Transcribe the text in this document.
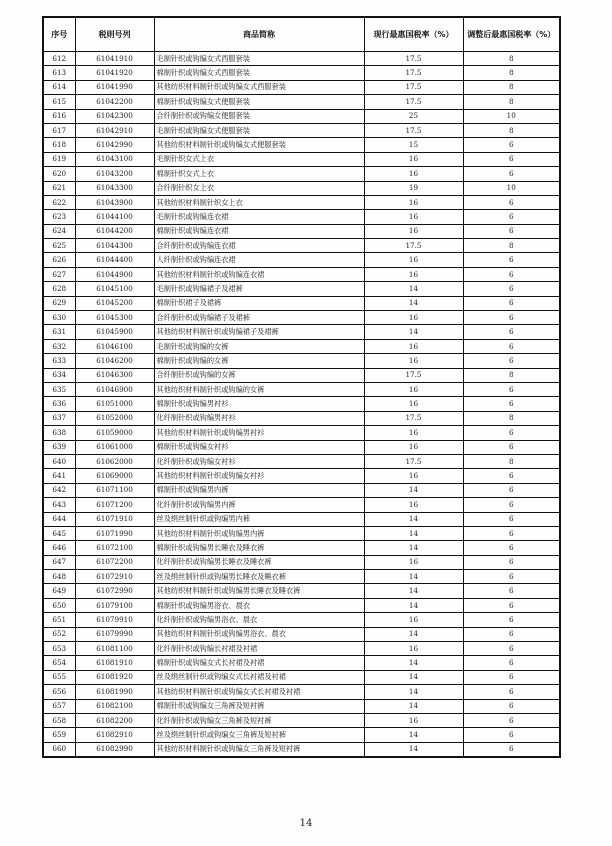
序号	税则号列	商品简称	现行最惠国税率（%）	调整后最惠国税率（%）
612	61041910	毛制针织或钩编女式西服套装	17.5	8
613	61041920	棉制针织或钩编女式西服套装	17.5	8
614	61041990	其他纺织材料制针织或钩编女式西服套装	17.5	8
615	61042200	棉制针织或钩编女式便服套装	17.5	8
616	61042300	合纤制针织或钩编女便服套装	25	10
617	61042910	毛制针织或钩编女式便服套装	17.5	8
618	61042990	其他纺织材料制针织或钩编女式便服套装	15	6
619	61043100	毛制针织女式上衣	16	6
620	61043200	棉制针织女式上衣	16	6
621	61043300	合纤制针织女上衣	19	10
622	61043900	其他纺织材料制针织女上衣	16	6
623	61044100	毛制针织或钩编连衣裙	16	6
624	61044200	棉制针织或钩编连衣裙	16	6
625	61044300	合纤制针织或钩编连衣裙	17.5	8
626	61044400	人纤制针织或钩编连衣裙	16	6
627	61044900	其他纺织材料制针织或钩编连衣裙	16	6
628	61045100	毛制针织或钩编裙子及裙裤	14	6
629	61045200	棉制针织裙子及裙裤	14	6
630	61045300	合纤制针织或钩编裙子及裙裤	16	6
631	61045900	其他纺织材料制针织或钩编裙子及裙裤	14	6
632	61046100	毛制针织或钩编的女裤	16	6
633	61046200	棉制针织或钩编的女裤	16	6
634	61046300	合纤制针织或钩编的女裤	17.5	8
635	61046900	其他纺织材料制针织或钩编的女裤	16	6
636	61051000	棉制针织或钩编男衬衫	16	6
637	61052000	化纤制针织或钩编男衬衫	17.5	8
638	61059000	其他纺织材料制针织或钩编男衬衫	16	6
639	61061000	棉制针织或钩编女衬衫	16	6
640	61062000	化纤制针织或钩编女衬衫	17.5	8
641	61069000	其他纺织材料制针织或钩编女衬衫	16	6
642	61071100	棉制针织或钩编男内裤	14	6
643	61071200	化纤制针织或钩编男内裤	16	6
644	61071910	丝及绢丝制针织或钩编男内裤	14	6
645	61071990	其他纺织材料制针织或钩编男内裤	14	6
646	61072100	棉制针织或钩编男长睡衣及睡衣裤	14	6
647	61072200	化纤制针织或钩编男长睡衣及睡衣裤	16	6
648	61072910	丝及绢丝制针织或钩编男长睡衣及睡衣裤	14	6
649	61072990	其他纺织材料制针织或钩编男长睡衣及睡衣裤	14	6
650	61079100	棉制针织或钩编男浴衣、晨衣	14	6
651	61079910	化纤制针织或钩编男浴衣、晨衣	16	6
652	61079990	其他纺织材料制针织或钩编男浴衣、晨衣	14	6
653	61081100	化纤制针织或钩编长衬裙及衬裙	16	6
654	61081910	棉制针织或钩编女式长衬裙及衬裙	14	6
655	61081920	丝及绢丝制针织或钩编女式长衬裙及衬裙	14	6
656	61081990	其他纺织材料制针织或钩编女式长衬裙及衬裙	14	6
657	61082100	棉制针织或钩编女三角裤及短衬裤	14	6
658	61082200	化纤制针织或钩编女三角裤及短衬裤	16	6
659	61082910	丝及绢丝制针织或钩编女三角裤及短衬裤	14	6
660	61082990	其他纺织材料制针织或钩编女三角裤及短衬裤	14	6
14
